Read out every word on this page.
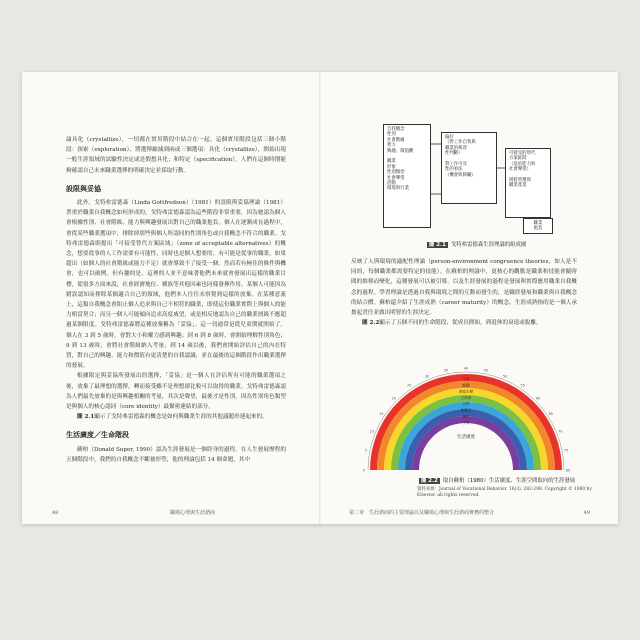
論具化（crystallize），一切都在實用階段中結合在一起。這個實用階段包括三個小階段：探索（exploration）、將選擇縮減到兩或三個選項：具化（crystallize），開始出現一般生涯領域的試驗性決定或是假想具化；和特定（specification），人們在這個時期能夠確認自己未來職業選擇的明確決定並採取行動。

設限與妥協

此外，戈特弗雷德森（Linda Gottfredson）（1981）的設限與妥協理論（1981）著重於職業自我概念如何形成的。戈特弗雷德森認為這些階段非常重要，因為她認為個人會根據性別、社會階級、能力與興趣發展出對自己的職業抱負。個人在逐漸成長過程中，會從某些職業選項中，排除掉那些與個人所認同的性別角色或自我概念不符合的職業。戈特弗雷德森則提出「可接受替代方案區域」（zone of acceptable alternatives）的概念，想要從事的人工作需要有可能性，同時也是個人想要的、有可能是從事的職業，如果超出（如個人的社會階級或能力不足）就會導致不了接受一個。然而若有極佳的條件與機會，也可以破例。但有趣的是，這裡的人並不意味著他們未來就會發展出這樣的職業目標，從很多方面來說，社會經濟地位、種族等其他因素也同樣發揮作用。某個人可能因為錯誤認知而排除某個適合自己的領域，他們本人往往未察覺到這樣的放棄。在某種意義上，這類自我概念會阻止個人追求與自己不相符的職業，即使這份職業實際上與個人的能力相當契合；而另一個人可能傾向追求高度威望，或是相反地認為自己的職業層級不應超過某個限度。戈特弗雷德森將這種放棄稱為「妥協」。這一切通常是從兒童期就開始了。個人在 3 到 5 歲時，會對大小和權力感到興趣；到 6 到 8 歲時，會開始理解性別角色；9 到 13 歲時，會將社會階級納入考量；到 14 歲以後，我們會開始評估自己的內在特質，對自己的興趣、能力和價值有更清楚的自我認識，並在最後的這個階段作出職業選擇的發展。

根據限定與妥協所發展出的選擇，「妥協」是一個人在評估所有可能的職業選項之後，放棄了最理想的選擇，轉而接受雖不是理想卻比較可以取得的職業。戈特弗雷德森認為人們最先放棄的是與興趣相關的考量，其次是聲望，最後才是性別。因為性別角色類型是與個人的核心認同（core identity）最緊密連結的部分。

圖 2.1顯示了戈特弗雷德森的概念是如何與職業生涯的其他議題串連起來的。

生活廣度／生命階段

蘇柏（Donald Super, 1990）認為生涯發展是一個終身的過程，在人生發展歷程的五個階段中，我們的自我概念不斷被形塑，他的理論包括 14 個命題，其中

48	職場心理與生涯諮商
自我概念
性別
社會階級
智力
興趣、價值觀

職業
形象
性別類型
社會聲望
活動
環境與行業
偏好
（對工作自我與
職業的相容
性判斷）

對工作可及
性的看法
（機會與障礙）
可接受的替代
方案區間
（基於能力與
社會聲望）

則將替選與
職業產業
職業
抱負
圖 2.1 戈特弗雷德森生涯理論的組成圖

反映了人與環境的適配性理論（person-environment congruence theories，如人是不同的，每個職業都需要特定的技能）。在蘇柏的理論中，更核心的觀點是職業和技能會隨時間的推移而變化，這種發展可以被引導，以及生涯發展的過程是發展與實際應用職業自我概念的過程。學習理論是透過自我與環境之間的互動而發生的，是職涯發展和職業與自我概念的結合體。蘇柏還介紹了生涯成熟（career maturity）的概念。生涯成熟指的是一個人承擔起責任並做出明智的生涯決定。

圖 2.2顯示了五個不同的生命階段，從成長開始，到退休的衰退或脫離。

0
5
10
15
20
25
30
35	40	45
50
55
60
65
70
75
80
父母
配偶
家庭主婦
工作者
公民
休閒者
學生
子女
生活廣度
圖 2.2 取自蘇柏（1980）生活廣度、生涯空間取向的生涯發展
資料來源：Journal of Vocational Behavior, 16(3), 282-298. Copyright © 1980 by Elsevier, all rights reserved.
第二章　生涯諮商的主要理論以及職場心理與生涯諮商實務的整合	49
